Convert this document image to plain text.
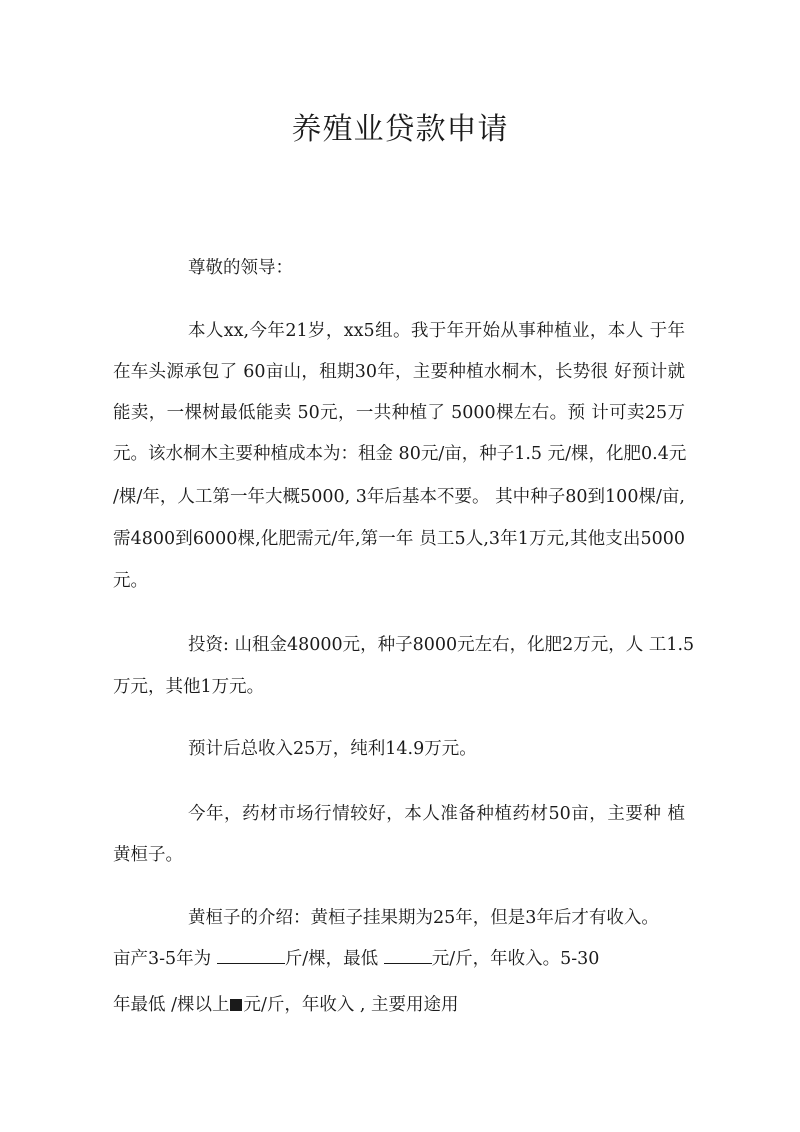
养殖业贷款申请
尊敬的领导：
本人xx,今年21岁，xx5组。我于年开始从事种植业，本人 于年
在车头源承包了 60亩山，租期30年，主要种植水桐木，长势很 好预计就
能卖，一棵树最低能卖 50元，一共种植了 5000棵左右。预 计可卖25万
元。该水桐木主要种植成本为：租金 80元/亩，种子1.5 元/棵，化肥0.4元
/棵/年，人工第一年大概5000, 3年后基本不要。 其中种子80到100棵/亩,
需4800到6000棵,化肥需元/年,第一年 员工5人,3年1万元,其他支出5000
元。
投资: 山租金48000元，种子8000元左右，化肥2万元，人 工1.5
万元，其他1万元。
预计后总收入25万，纯利14.9万元。
今年，药材市场行情较好，本人准备种植药材50亩，主要种 植
黄桓子。
黄桓子的介绍：黄桓子挂果期为25年，但是3年后才有收入。
亩产3-5年为	斤/棵，最低	元/斤，年收入。5-30
年最低 /棵以上 元/斤，年收入 , 主要用途用
